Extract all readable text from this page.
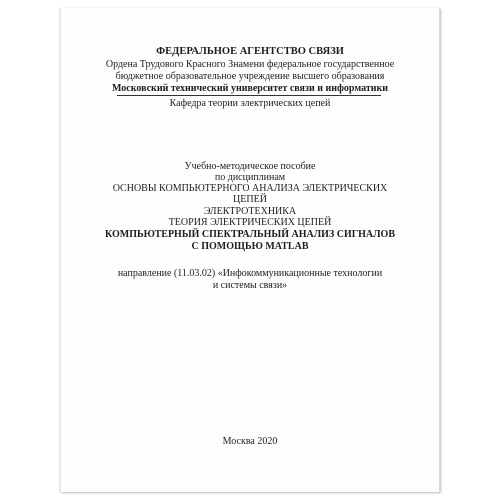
ФЕДЕРАЛЬНОЕ АГЕНТСТВО СВЯЗИ
Ордена Трудового Красного Знамени федеральное государственное
бюджетное образовательное учреждение высшего образования
Московский технический университет связи и информатики
Кафедра теории электрических цепей
Учебно-методическое пособие
по дисциплинам
ОСНОВЫ КОМПЬЮТЕРНОГО АНАЛИЗА ЭЛЕКТРИЧЕСКИХ
ЦЕПЕЙ
ЭЛЕКТРОТЕХНИКА
ТЕОРИЯ ЭЛЕКТРИЧЕСКИХ ЦЕПЕЙ
КОМПЬЮТЕРНЫЙ СПЕКТРАЛЬНЫЙ АНАЛИЗ СИГНАЛОВ
С ПОМОЩЬЮ MATLAB
направление (11.03.02) «Инфокоммуникационные технологии
и системы связи»
Москва 2020
